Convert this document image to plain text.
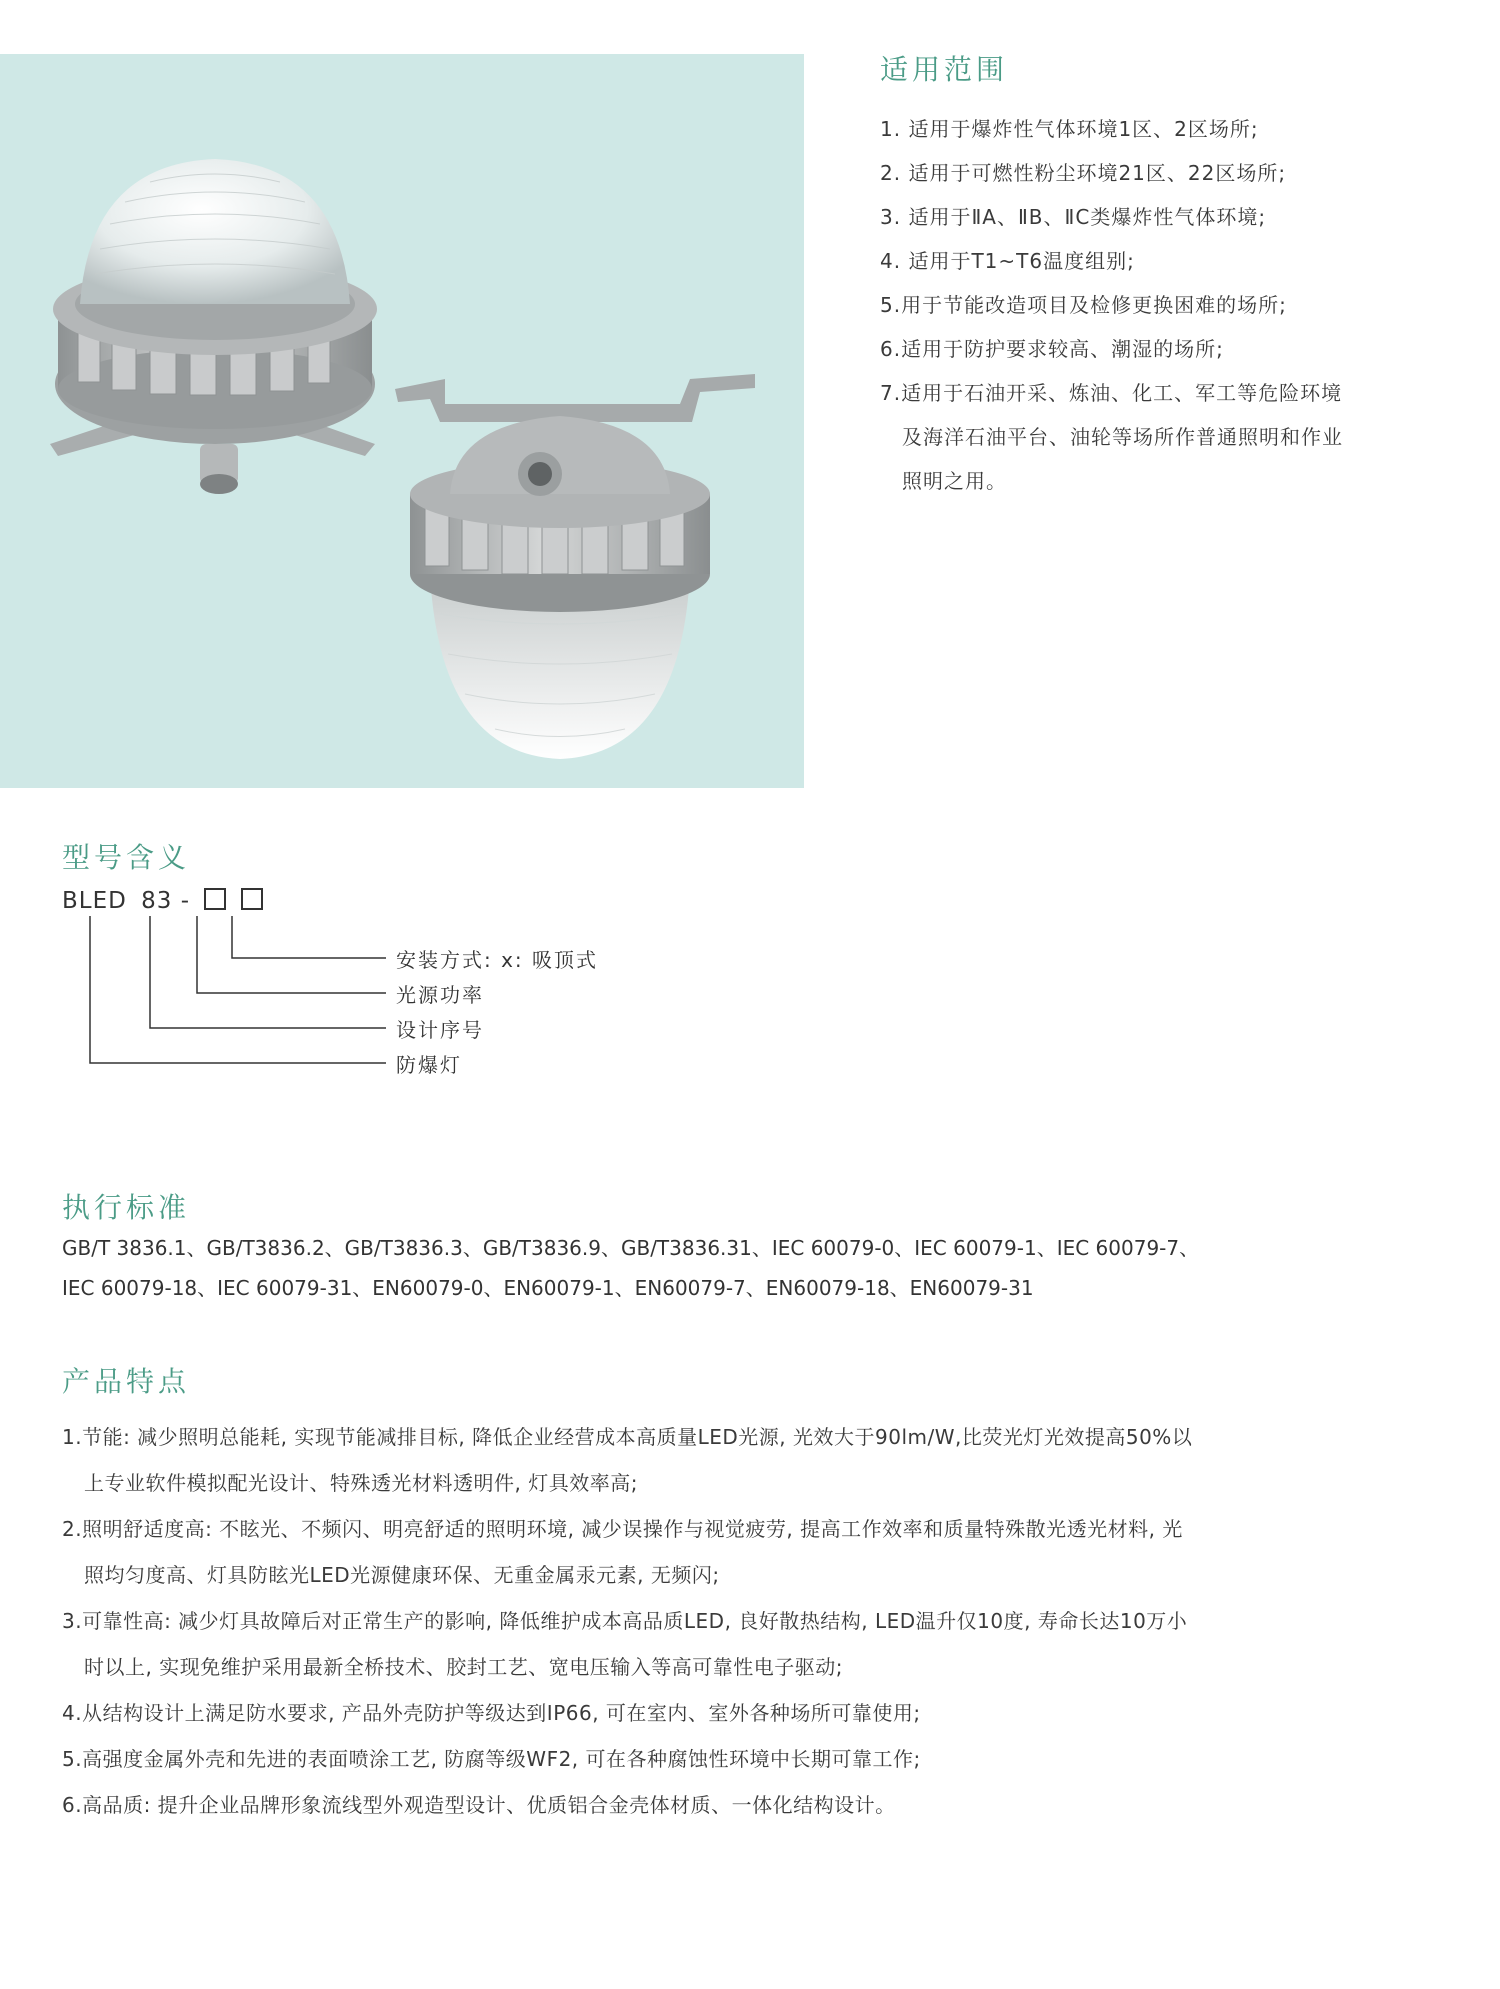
适用范围
1. 适用于爆炸性气体环境1区、2区场所;
2. 适用于可燃性粉尘环境21区、22区场所;
3. 适用于ⅡA、ⅡB、ⅡC类爆炸性气体环境;
4. 适用于T1~T6温度组别;
5.用于节能改造项目及检修更换困难的场所;
6.适用于防护要求较高、潮湿的场所;
7.适用于石油开采、炼油、化工、军工等危险环境
及海洋石油平台、油轮等场所作普通照明和作业
照明之用。
型号含义
BLED 83 -
安装方式: x: 吸顶式
光源功率
设计序号
防爆灯
执行标准
GB/T 3836.1、GB/T3836.2、GB/T3836.3、GB/T3836.9、GB/T3836.31、IEC 60079-0、IEC 60079-1、IEC 60079-7、
IEC 60079-18、IEC 60079-31、EN60079-0、EN60079-1、EN60079-7、EN60079-18、EN60079-31
产品特点
1.节能: 减少照明总能耗, 实现节能减排目标, 降低企业经营成本高质量LED光源, 光效大于90lm/W,比荧光灯光效提高50%以
上专业软件模拟配光设计、特殊透光材料透明件, 灯具效率高;
2.照明舒适度高: 不眩光、不频闪、明亮舒适的照明环境, 减少误操作与视觉疲劳, 提高工作效率和质量特殊散光透光材料, 光
照均匀度高、灯具防眩光LED光源健康环保、无重金属汞元素, 无频闪;
3.可靠性高: 减少灯具故障后对正常生产的影响, 降低维护成本高品质LED, 良好散热结构, LED温升仅10度, 寿命长达10万小
时以上, 实现免维护采用最新全桥技术、胶封工艺、宽电压输入等高可靠性电子驱动;
4.从结构设计上满足防水要求, 产品外壳防护等级达到IP66, 可在室内、室外各种场所可靠使用;
5.高强度金属外壳和先进的表面喷涂工艺, 防腐等级WF2, 可在各种腐蚀性环境中长期可靠工作;
6.高品质: 提升企业品牌形象流线型外观造型设计、优质铝合金壳体材质、一体化结构设计。
